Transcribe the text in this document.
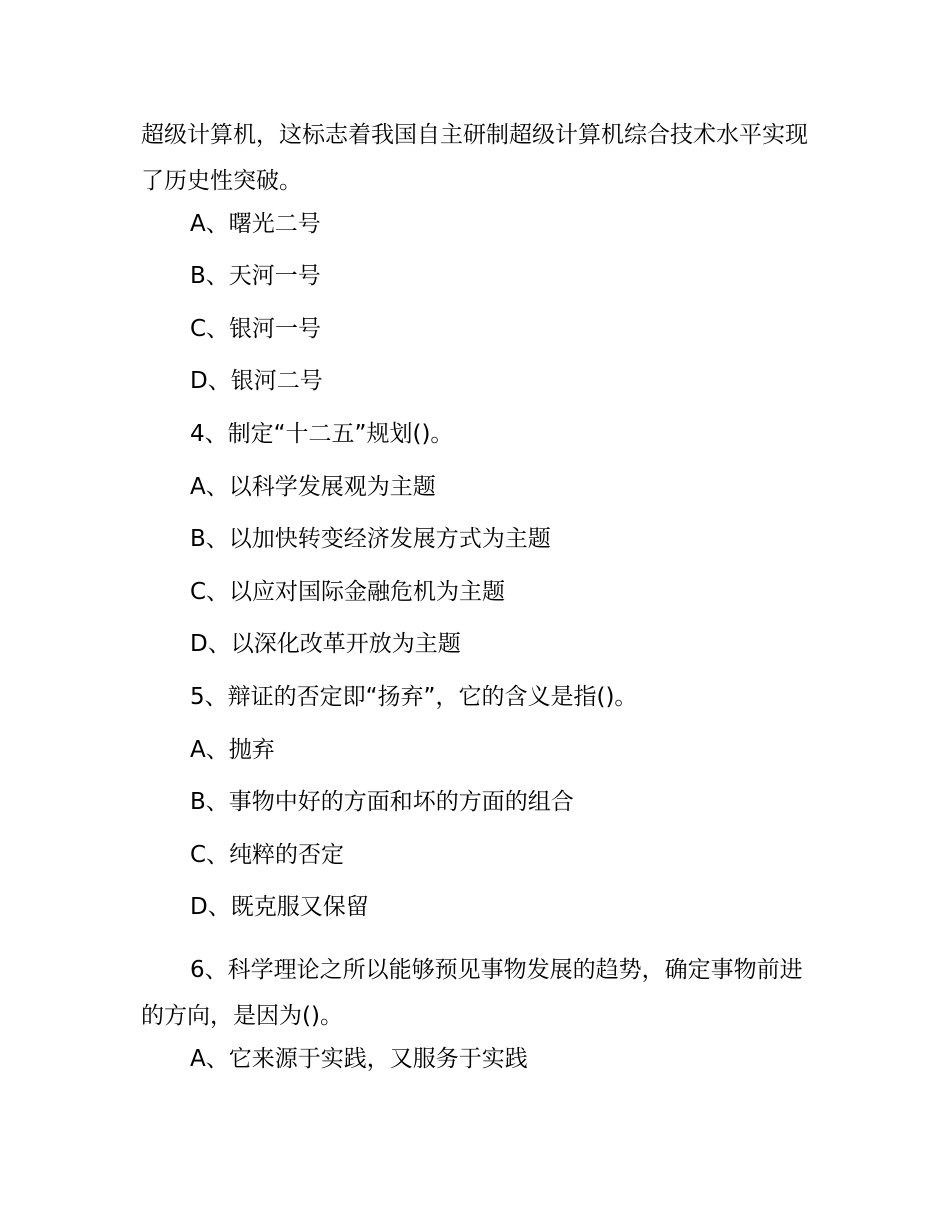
超级计算机，这标志着我国自主研制超级计算机综合技术水平实现了历史性突破。

A、曙光二号

B、天河一号

C、银河一号

D、银河二号

4、制定“十二五”规划()。

A、以科学发展观为主题

B、以加快转变经济发展方式为主题

C、以应对国际金融危机为主题

D、以深化改革开放为主题

5、辩证的否定即“扬弃”，它的含义是指()。

A、抛弃

B、事物中好的方面和坏的方面的组合

C、纯粹的否定

D、既克服又保留

6、科学理论之所以能够预见事物发展的趋势，确定事物前进的方向，是因为()。

A、它来源于实践，又服务于实践
